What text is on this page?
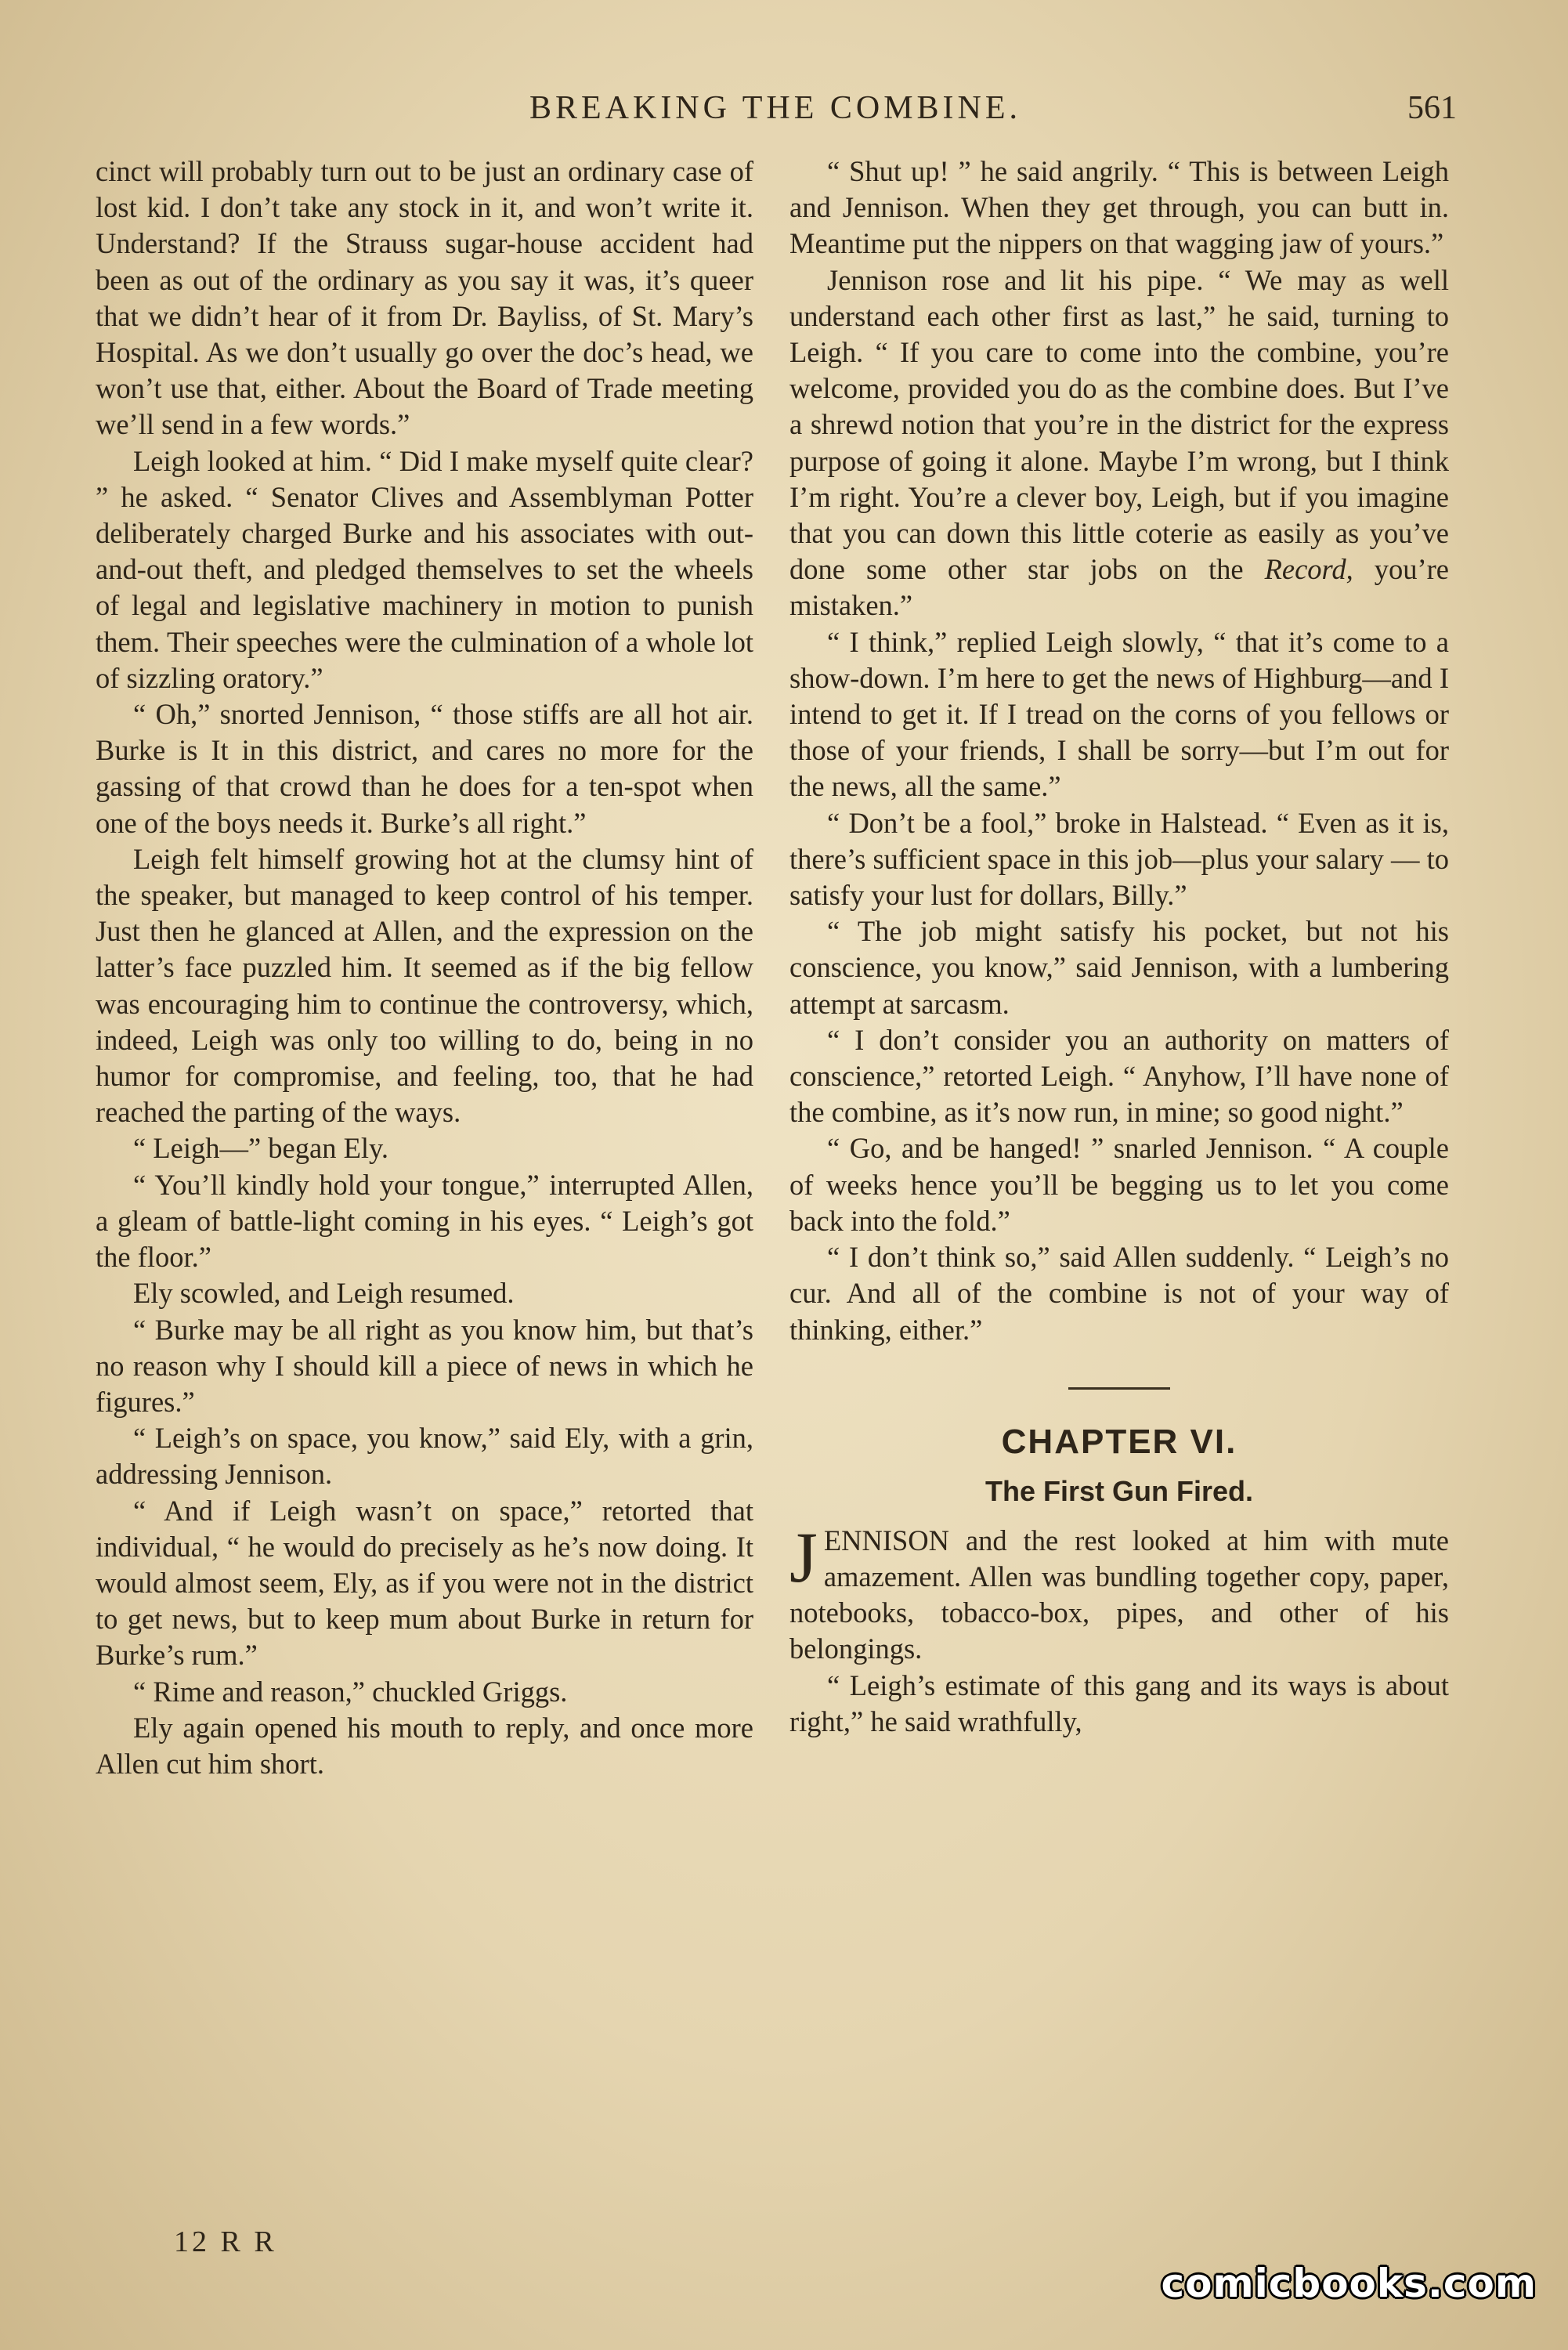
BREAKING THE COMBINE.	561

cinct will probably turn out to be just an ordinary case of lost kid. I don’t take any stock in it, and won’t write it. Understand? If the Strauss sugar-house accident had been as out of the ordinary as you say it was, it’s queer that we didn’t hear of it from Dr. Bayliss, of St. Mary’s Hospital. As we don’t usually go over the doc’s head, we won’t use that, either. About the Board of Trade meeting we’ll send in a few words.”

Leigh looked at him. “ Did I make myself quite clear? ” he asked. “ Senator Clives and Assemblyman Potter deliberately charged Burke and his associates with out-and-out theft, and pledged themselves to set the wheels of legal and legislative machinery in motion to punish them. Their speeches were the culmination of a whole lot of sizzling oratory.”

“ Oh,” snorted Jennison, “ those stiffs are all hot air. Burke is It in this district, and cares no more for the gassing of that crowd than he does for a ten-spot when one of the boys needs it. Burke’s all right.”

Leigh felt himself growing hot at the clumsy hint of the speaker, but managed to keep control of his temper. Just then he glanced at Allen, and the expression on the latter’s face puzzled him. It seemed as if the big fellow was encouraging him to continue the controversy, which, indeed, Leigh was only too willing to do, being in no humor for compromise, and feeling, too, that he had reached the parting of the ways.

“ Leigh—” began Ely.

“ You’ll kindly hold your tongue,” interrupted Allen, a gleam of battle-light coming in his eyes. “ Leigh’s got the floor.”

Ely scowled, and Leigh resumed.

“ Burke may be all right as you know him, but that’s no reason why I should kill a piece of news in which he figures.”

“ Leigh’s on space, you know,” said Ely, with a grin, addressing Jennison.

“ And if Leigh wasn’t on space,” retorted that individual, “ he would do precisely as he’s now doing. It would almost seem, Ely, as if you were not in the district to get news, but to keep mum about Burke in return for Burke’s rum.”

“ Rime and reason,” chuckled Griggs.

Ely again opened his mouth to reply, and once more Allen cut him short.

“ Shut up! ” he said angrily. “ This is between Leigh and Jennison. When they get through, you can butt in. Meantime put the nippers on that wagging jaw of yours.”

Jennison rose and lit his pipe. “ We may as well understand each other first as last,” he said, turning to Leigh. “ If you care to come into the combine, you’re welcome, provided you do as the combine does. But I’ve a shrewd notion that you’re in the district for the express purpose of going it alone. Maybe I’m wrong, but I think I’m right. You’re a clever boy, Leigh, but if you imagine that you can down this little coterie as easily as you’ve done some other star jobs on the Record, you’re mistaken.”

“ I think,” replied Leigh slowly, “ that it’s come to a show-down. I’m here to get the news of Highburg—and I intend to get it. If I tread on the corns of you fellows or those of your friends, I shall be sorry—but I’m out for the news, all the same.”

“ Don’t be a fool,” broke in Halstead. “ Even as it is, there’s sufficient space in this job—plus your salary — to satisfy your lust for dollars, Billy.”

“ The job might satisfy his pocket, but not his conscience, you know,” said Jennison, with a lumbering attempt at sarcasm.

“ I don’t consider you an authority on matters of conscience,” retorted Leigh. “ Anyhow, I’ll have none of the combine, as it’s now run, in mine; so good night.”

“ Go, and be hanged! ” snarled Jennison. “ A couple of weeks hence you’ll be begging us to let you come back into the fold.”

“ I don’t think so,” said Allen suddenly. “ Leigh’s no cur. And all of the combine is not of your way of thinking, either.”

CHAPTER VI.
The First Gun Fired.

JENNISON and the rest looked at him with mute amazement. Allen was bundling together copy, paper, notebooks, tobacco-box, pipes, and other of his belongings.

“ Leigh’s estimate of this gang and its ways is about right,” he said wrathfully,

12 R R
comicbooks.com
